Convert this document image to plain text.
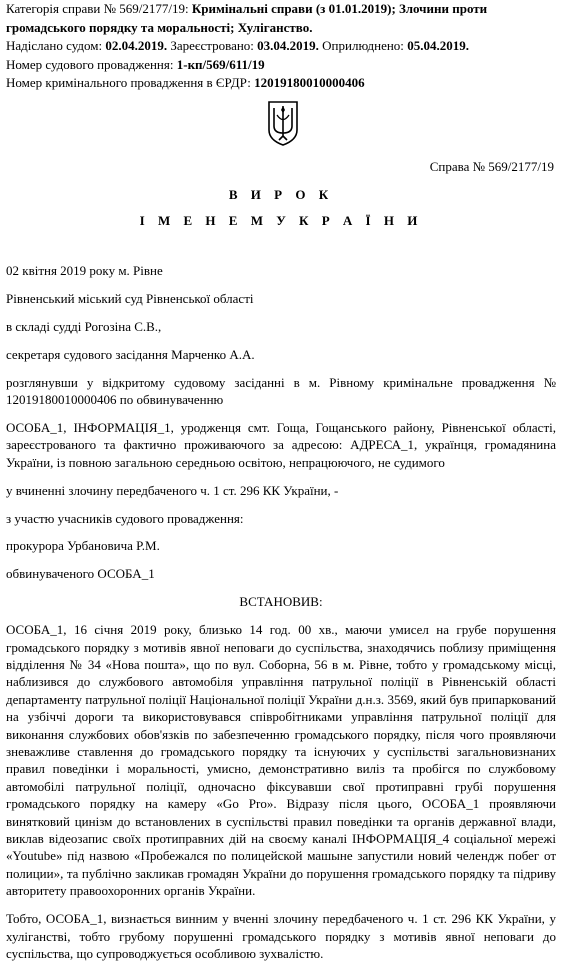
Категорія справи № 569/2177/19: Кримінальні справи (з 01.01.2019); Злочини проти громадського порядку та моральності; Хуліганство.

Надіслано судом: 02.04.2019. Зареєстровано: 03.04.2019. Оприлюднено: 05.04.2019.

Номер судового провадження: 1-кп/569/611/19

Номер кримінального провадження в ЄРДР: 12019180010000406

Справа № 569/2177/19
В И Р О К
І М Е Н Е М У К Р А Ї Н И

02 квітня 2019 року м. Рівне

Рівненський міський суд Рівненської області

в складі судді Рогозіна С.В.,

секретаря судового засідання Марченко А.А.

розглянувши у відкритому судовому засіданні в м. Рівному кримінальне провадження № 12019180010000406 по обвинуваченню

ОСОБА_1, ІНФОРМАЦІЯ_1, уродженця смт. Гоща, Гощанського району, Рівненської області, зареєстрованого та фактично проживаючого за адресою: АДРЕСА_1, українця, громадянина України, із повною загальною середньою освітою, непрацюючого, не судимого

у вчиненні злочину передбаченого ч. 1 ст. 296 КК України, -

з участю учасників судового провадження:

прокурора Урбановича Р.М.

обвинуваченого ОСОБА_1

ВСТАНОВИВ:

ОСОБА_1, 16 січня 2019 року, близько 14 год. 00 хв., маючи умисел на грубе порушення громадського порядку з мотивів явної неповаги до суспільства, знаходячись поблизу приміщення відділення № 34 «Нова пошта», що по вул. Соборна, 56 в м. Рівне, тобто у громадському місці, наблизився до службового автомобіля управління патрульної поліції в Рівненській області департаменту патрульної поліції Національної поліції України д.н.з. 3569, який був припаркований на узбіччі дороги та використовувався співробітниками управління патрульної поліції для виконання службових обов'язків по забезпеченню громадського порядку, після чого проявляючи зневажливе ставлення до громадського порядку та існуючих у суспільстві загальновизнаних правил поведінки і моральності, умисно, демонстративно виліз та пробігся по службовому автомобілі патрульної поліції, одночасно фіксувавши свої протиправні грубі порушення громадського порядку на камеру «Go Pro». Відразу після цього, ОСОБА_1 проявляючи винятковий цинізм до встановлених в суспільстві правил поведінки та органів державної влади, виклав відеозапис своїх протиправних дій на своєму каналі ІНФОРМАЦІЯ_4 соціальної мережі «Youtube» під назвою «Пробежался по полицейской машыне запустили новий челендж побег от полиции», та публічно закликав громадян України до порушення громадського порядку та підриву авторитету правоохоронних органів України.

Тобто, ОСОБА_1, визнається винним у вченні злочину передбаченого ч. 1 ст. 296 КК України, у хуліганстві, тобто грубому порушенні громадського порядку з мотивів явної неповаги до суспільства, що супроводжується особливою зухвалістю.
